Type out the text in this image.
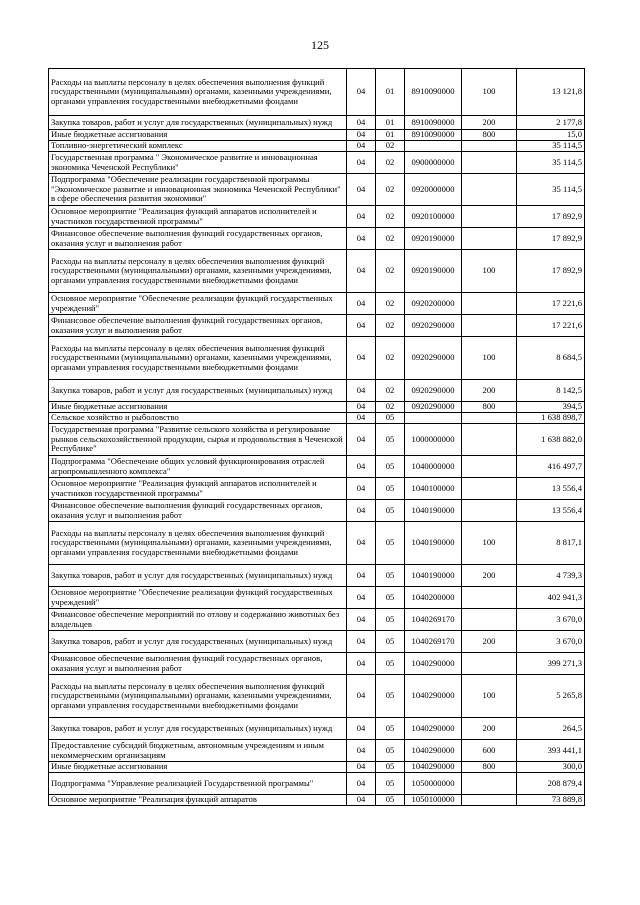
125
Расходы на выплаты персоналу в целях обеспечения выполнения функций государственными (муниципальными) органами, казенными учреждениями, органами управления государственными внебюджетными фондами	04	01	8910090000	100	13 121,8
Закупка товаров, работ и услуг для государственных (муниципальных) нужд	04	01	8910090000	200	2 177,8
Иные бюджетные ассигнования	04	01	8910090000	800	15,0
Топливно-энергетический комплекс	04	02			35 114,5
Государственная программа " Экономическое развитие и инновационная экономика Чеченской Республики"	04	02	0900000000		35 114,5
Подпрограмма "Обеспечение реализации государственной программы "Экономическое развитие и инновационная экономика Чеченской Республики" в сфере обеспечения развития экономики"	04	02	0920000000		35 114,5
Основное мероприятие "Реализация функций аппаратов исполнителей и участников государственной программы"	04	02	0920100000		17 892,9
Финансовое обеспечение выполнения функций государственных органов, оказания услуг и выполнения работ	04	02	0920190000		17 892,9
Расходы на выплаты персоналу в целях обеспечения выполнения функций государственными (муниципальными) органами, казенными учреждениями, органами управления государственными внебюджетными фондами	04	02	0920190000	100	17 892,9
Основное мероприятие "Обеспечение реализации функций государственных учреждений"	04	02	0920200000		17 221,6
Финансовое обеспечение выполнения функций государственных органов, оказания услуг и выполнения работ	04	02	0920290000		17 221,6
Расходы на выплаты персоналу в целях обеспечения выполнения функций государственными (муниципальными) органами, казенными учреждениями, органами управления государственными внебюджетными фондами	04	02	0920290000	100	8 684,5
Закупка товаров, работ и услуг для государственных (муниципальных) нужд	04	02	0920290000	200	8 142,5
Иные бюджетные ассигнования	04	02	0920290000	800	394,5
Сельское хозяйство и рыболовство	04	05			1 638 898,7
Государственная программа "Развитие сельского хозяйства и регулирование рынков сельскохозяйственной продукции, сырья и продовольствия в Чеченской Республике"	04	05	1000000000		1 638 882,0
Подпрограмма "Обеспечение общих условий функционирования отраслей агропромышленного комплекса"	04	05	1040000000		416 497,7
Основное мероприятие "Реализация функций аппаратов исполнителей и участников государственной программы"	04	05	1040100000		13 556,4
Финансовое обеспечение выполнения функций государственных органов, оказания услуг и выполнения работ	04	05	1040190000		13 556,4
Расходы на выплаты персоналу в целях обеспечения выполнения функций государственными (муниципальными) органами, казенными учреждениями, органами управления государственными внебюджетными фондами	04	05	1040190000	100	8 817,1
Закупка товаров, работ и услуг для государственных (муниципальных) нужд	04	05	1040190000	200	4 739,3
Основное мероприятие "Обеспечение реализации функций государственных учреждений"	04	05	1040200000		402 941,3
Финансовое обеспечение мероприятий по отлову и содержанию животных без владельцев	04	05	1040269170		3 670,0
Закупка товаров, работ и услуг для государственных (муниципальных) нужд	04	05	1040269170	200	3 670,0
Финансовое обеспечение выполнения функций государственных органов, оказания услуг и выполнения работ	04	05	1040290000		399 271,3
Расходы на выплаты персоналу в целях обеспечения выполнения функций государственными (муниципальными) органами, казенными учреждениями, органами управления государственными внебюджетными фондами	04	05	1040290000	100	5 265,8
Закупка товаров, работ и услуг для государственных (муниципальных) нужд	04	05	1040290000	200	264,5
Предоставление субсидий бюджетным, автономным учреждениям и иным некоммерческим организациям	04	05	1040290000	600	393 441,1
Иные бюджетные ассигнования	04	05	1040290000	800	300,0
Подпрограмма "Управление реализацией Государственной программы"	04	05	1050000000		208 879,4
Основное мероприятие "Реализация функций аппаратов	04	05	1050100000		73 889,8
